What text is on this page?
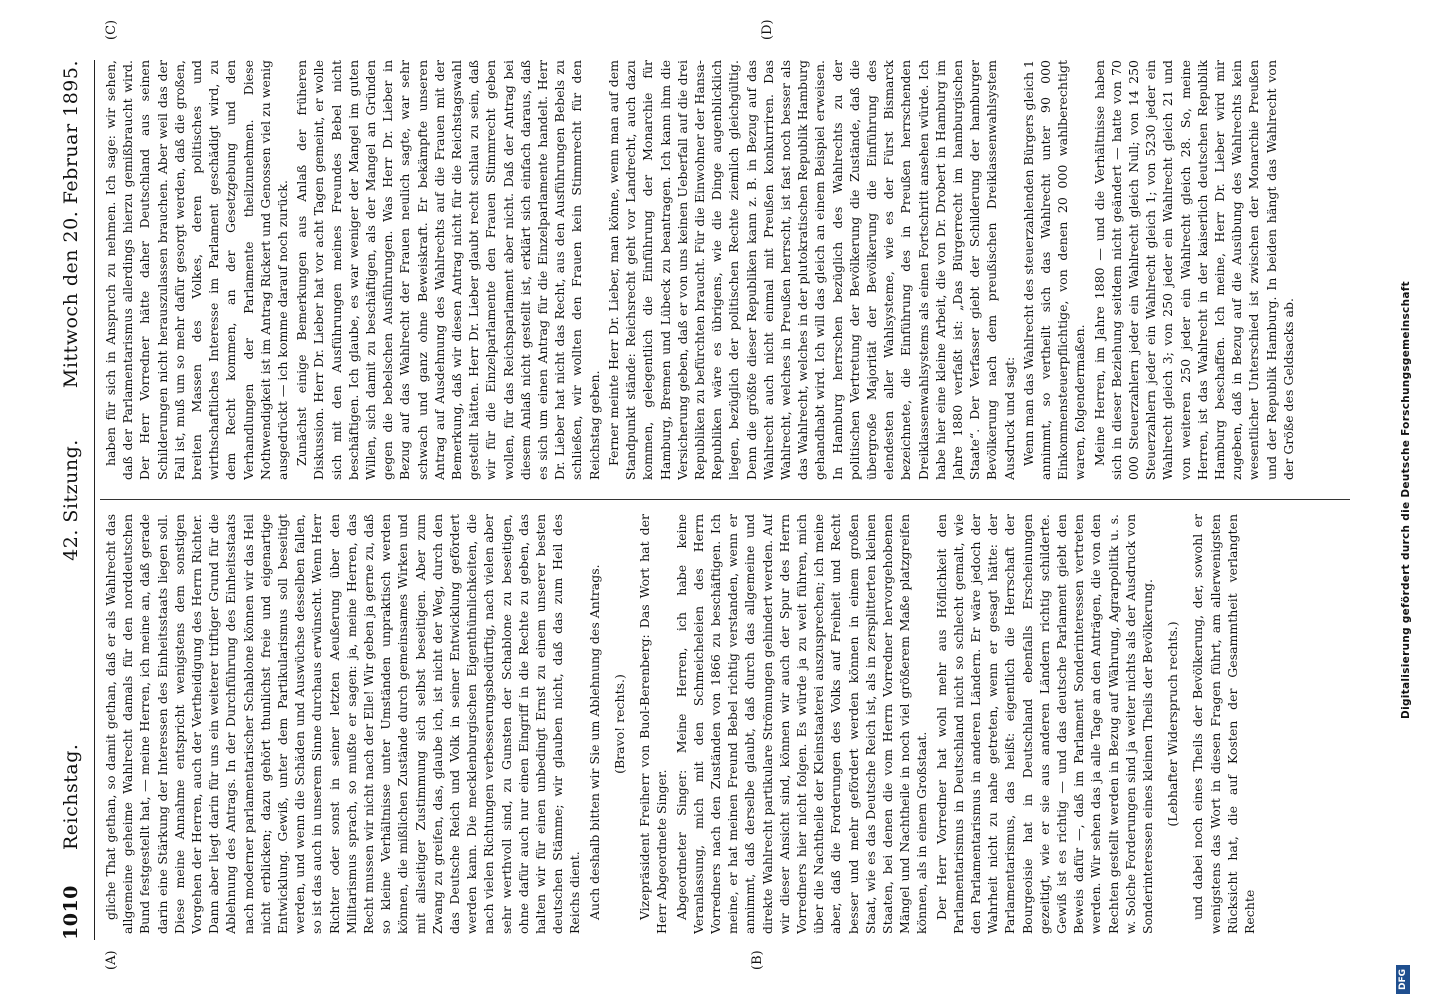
1010
Reichstag.
42. Sitzung.
Mittwoch den 20. Februar 1895.
(A)	(B)
(C)	(D)

gliche That gethan, so damit gethan, daß er als Wahlrecht das allgemeine geheime Wahlrecht damals für den norddeutschen Bund festgestellt hat, — meine Herren, ich meine an, daß gerade darin eine Stärkung der Interessen des Einheitsstaats liegen soll. Diese meine Annahme entspricht wenigstens dem sonstigen Vorgehen der Herren, auch der Vertheidigung des Herrn Richter. Dann aber liegt darin für uns ein weiterer triftiger Grund für die Ablehnung des Antrags. In der Durchführung des Einheitsstaats nach moderner parlamentarischer Schablone können wir das Heil nicht erblicken; dazu gehört thunlichst freie und eigenartige Entwicklung. Gewiß, unter dem Partikularismus soll beseitigt werden, und wenn die Schäden und Auswüchse desselben fallen, so ist das auch in unserem Sinne durchaus erwünscht. Wenn Herr Richter oder sonst in seiner letzten Aeußerung über den Militarismus sprach, so mußte er sagen: ja, meine Herren, das Recht mussen wir nicht nach der Elle! Wir geben ja gerne zu, daß so kleine Verhältnisse unter Umständen unpraktisch werden können, die mißlichen Zustände durch gemeinsames Wirken und mit allseitiger Zustimmung sich selbst beseitigen. Aber zum Zwang zu greifen, das, glaube ich, ist nicht der Weg, durch den das Deutsche Reich und Volk in seiner Entwicklung gefördert werden kann. Die mecklenburgischen Eigenthümlichkeiten, die nach vielen Richtungen verbesserungsbedürftig, nach vielen aber sehr werthvoll sind, zu Gunsten der Schablone zu beseitigen, ohne dafür auch nur einen Eingriff in die Rechte zu geben, das halten wir für einen unbedingt Ernst zu einem unserer besten deutschen Stämme; wir glauben nicht, daß das zum Heil des Reichs dient. Auch deshalb bitten wir Sie um Ablehnung des Antrags. (Bravo! rechts.) Vizepräsident Freiherr von Buol-Berenberg: Das Wort hat der Herr Abgeordnete Singer. Abgeordneter Singer: Meine Herren, ich habe keine Veranlassung, mich mit den Schmeicheleien des Herrn Vorredners nach den Zuständen von 1866 zu beschäftigen. Ich meine, er hat meinen Freund Bebel richtig verstanden, wenn er annimmt, daß derselbe glaubt, daß durch das allgemeine und direkte Wahlrecht partikulare Strömungen gehindert werden. Auf wir dieser Ansicht sind, können wir auch der Spur des Herrn Vorredners hier nicht folgen. Es würde ja zu weit führen, mich über die Nachtheile der Kleinstaaterei auszusprechen; ich meine aber, daß die Forderungen des Volks auf Freiheit und Recht besser und mehr gefördert werden können in einem großen Staat, wie es das Deutsche Reich ist, als in zersplitterten kleinen Staaten, bei denen die vom Herrn Vorredner hervorgehobenen Mängel und Nachtheile in noch viel größerem Maße platzgreifen können, als in einem Großstaat. Der Herr Vorredner hat wohl mehr aus Höflichkeit den Parlamentarismus in Deutschland nicht so schlecht gemalt, wie den Parlamentarismus in anderen Ländern. Er wäre jedoch der Wahrheit nicht zu nahe getreten, wenn er gesagt hätte: der Parlamentarismus, das heißt: eigentlich die Herrschaft der Bourgeoisie hat in Deutschland ebenfalls Erscheinungen gezeitigt, wie er sie aus anderen Ländern richtig schilderte. Gewiß ist es richtig — und das deutsche Parlament giebt den Beweis dafür —, daß im Parlament Sonderinteressen vertreten werden. Wir sehen das ja alle Tage an den Anträgen, die von den Rechten gestellt werden in Bezug auf Währung, Agrarpolitik u. s. w. Solche Forderungen sind ja weiter nichts als der Ausdruck von Sonderinteressen eines kleinen Theils der Bevölkerung. (Lebhafter Widerspruch rechts.) und dabei noch eines Theils der Bevölkerung, der, sowohl er wenigstens das Wort in diesen Fragen führt, am allerwenigsten Rücksicht hat, die auf Kosten der Gesammtheit verlangten Rechte

haben für sich in Anspruch zu nehmen. Ich sage: wir sehen, daß der Parlamentarismus allerdings hierzu gemißbraucht wird. Der Herr Vorredner hätte daher Deutschland aus seinen Schilderungen nicht herauszulassen brauchen. Aber weil das der Fall ist, muß um so mehr dafür gesorgt werden, daß die großen, breiten Massen des Volkes, deren politisches und wirthschaftliches Interesse im Parlament geschädigt wird, zu dem Recht kommen, an der Gesetzgebung und den Verhandlungen der Parlamente theilzunehmen. Diese Nothwendigkeit ist im Antrag Rickert und Genossen viel zu wenig ausgedrückt — ich komme darauf noch zurück. Zunächst einige Bemerkungen aus Anlaß der früheren Diskussion. Herr Dr. Lieber hat vor acht Tagen gemeint, er wolle sich mit den Ausführungen meines Freundes Bebel nicht beschäftigen. Ich glaube, es war weniger der Mangel im guten Willen, sich damit zu beschäftigen, als der Mangel an Gründen gegen die bebelschen Ausführungen. Was Herr Dr. Lieber in Bezug auf das Wahlrecht der Frauen neulich sagte, war sehr schwach und ganz ohne Beweiskraft. Er bekämpfte unseren Antrag auf Ausdehnung des Wahlrechts auf die Frauen mit der Bemerkung, daß wir diesen Antrag nicht für die Reichstagswahl gestellt hätten. Herr Dr. Lieber glaubt recht schlau zu sein, daß wir für die Einzelparlamente den Frauen Stimmrecht geben wollen, für das Reichsparlament aber nicht. Daß der Antrag bei diesem Anlaß nicht gestellt ist, erklärt sich einfach daraus, daß es sich um einen Antrag für die Einzelparlamente handelt. Herr Dr. Lieber hat nicht das Recht, aus den Ausführungen Bebels zu schließen, wir wollten den Frauen kein Stimmrecht für den Reichstag geben. Ferner meinte Herr Dr. Lieber, man könne, wenn man auf dem Standpunkt stände: Reichsrecht geht vor Landrecht, auch dazu kommen, gelegentlich die Einführung der Monarchie für Hamburg, Bremen und Lübeck zu beantragen. Ich kann ihm die Versicherung geben, daß er von uns keinen Ueberfall auf die drei Republiken zu befürchten braucht. Für die Einwohner der Hansa-Republiken wäre es übrigens, wie die Dinge augenblicklich liegen, bezüglich der politischen Rechte ziemlich gleichgültig. Denn die größte dieser Republiken kann z. B. in Bezug auf das Wahlrecht auch nicht einmal mit Preußen konkurriren. Das Wahlrecht, welches in Preußen herrscht, ist fast noch besser als das Wahlrecht, welches in der plutokratischen Republik Hamburg gehandhabt wird. Ich will das gleich an einem Beispiel erweisen. In Hamburg herrschen bezüglich des Wahlrechts zu der politischen Vertretung der Bevölkerung die Zustände, daß die übergroße Majorität der Bevölkerung die Einführung des elendesten aller Wahlsysteme, wie es der Fürst Bismarck bezeichnete, die Einführung des in Preußen herrschenden Dreiklassenwahlsystems als einen Fortschritt ansehen würde. Ich habe hier eine kleine Arbeit, die von Dr. Drobert in Hamburg im Jahre 1880 verfaßt ist: „Das Bürgerrecht im hamburgischen Staate“. Der Verfasser giebt der Schilderung der hamburger Bevölkerung nach dem preußischen Dreiklassenwahlsystem Ausdruck und sagt: Wenn man das Wahlrecht des steuerzahlenden Bürgers gleich 1 annimmt, so vertheilt sich das Wahlrecht unter 90 000 Einkommensteuerpflichtige, von denen 20 000 wahlberechtigt waren, folgendermaßen. Meine Herren, im Jahre 1880 — und die Verhältnisse haben sich in dieser Beziehung seitdem nicht geändert — hatte von 70 000 Steuerzahlern jeder ein Wahlrecht gleich Null; von 14 250 Steuerzahlern jeder ein Wahlrecht gleich 1; von 5230 jeder ein Wahlrecht gleich 3; von 250 jeder ein Wahlrecht gleich 21 und von weiteren 250 jeder ein Wahlrecht gleich 28. So, meine Herren, ist das Wahlrecht in der kaiserlich deutschen Republik Hamburg beschaffen. Ich meine, Herr Dr. Lieber wird mir zugeben, daß in Bezug auf die Ausübung des Wahlrechts kein wesentlicher Unterschied ist zwischen der Monarchie Preußen und der Republik Hamburg. In beiden hängt das Wahlrecht von der Größe des Geldsacks ab.	Digitalisierung gefördert durch die Deutsche Forschungsgemeinschaft
DFG
